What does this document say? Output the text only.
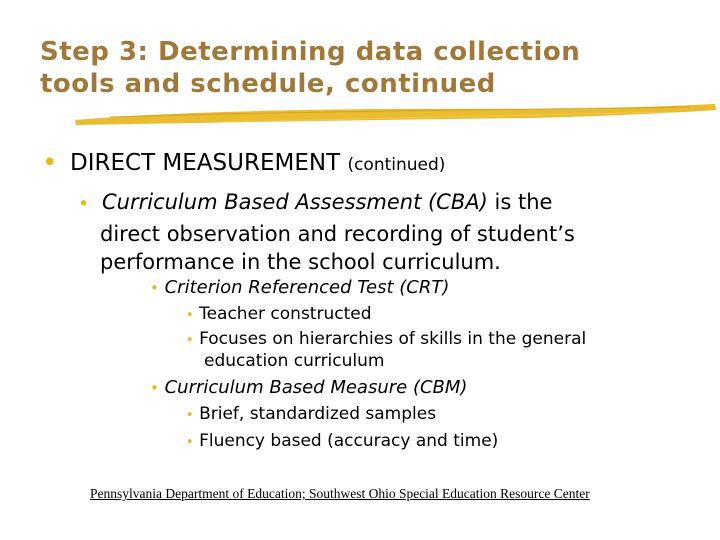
Step 3: Determining data collection
tools and schedule, continued
• DIRECT MEASUREMENT (continued)
• Curriculum Based Assessment (CBA) is the
direct observation and recording of student’s
performance in the school curriculum.
• Criterion Referenced Test (CRT)
• Teacher constructed
• Focuses on hierarchies of skills in the general
education curriculum
• Curriculum Based Measure (CBM)
• Brief, standardized samples
• Fluency based (accuracy and time)
Pennsylvania Department of Education; Southwest Ohio Special Education Resource Center
